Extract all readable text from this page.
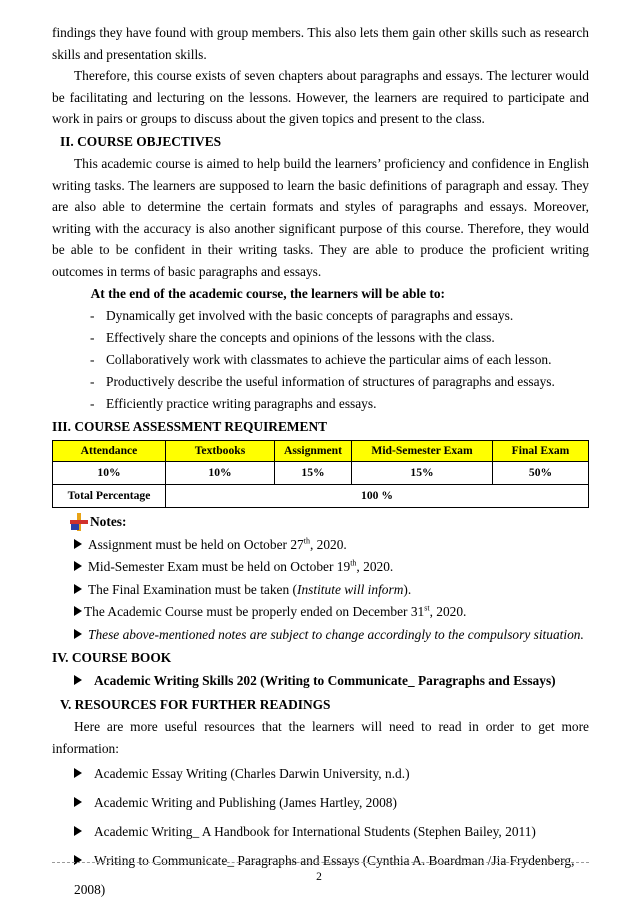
findings they have found with group members. This also lets them gain other skills such as research skills and presentation skills.

Therefore, this course exists of seven chapters about paragraphs and essays. The lecturer would be facilitating and lecturing on the lessons. However, the learners are required to participate and work in pairs or groups to discuss about the given topics and present to the class.

II. COURSE OBJECTIVES

This academic course is aimed to help build the learners’ proficiency and confidence in English writing tasks. The learners are supposed to learn the basic definitions of paragraph and essay. They are also able to determine the certain formats and styles of paragraphs and essays. Moreover, writing with the accuracy is also another significant purpose of this course. Therefore, they would be able to be confident in their writing tasks. They are able to produce the proficient writing outcomes in terms of basic paragraphs and essays.

At the end of the academic course, the learners will be able to:
- Dynamically get involved with the basic concepts of paragraphs and essays.
- Effectively share the concepts and opinions of the lessons with the class.
- Collaboratively work with classmates to achieve the particular aims of each lesson.
- Productively describe the useful information of structures of paragraphs and essays.
- Efficiently practice writing paragraphs and essays.
III. COURSE ASSESSMENT REQUIREMENT
Attendance	Textbooks	Assignment	Mid-Semester Exam	Final Exam
10%	10%	15%	15%	50%
Total Percentage	100 %			
Notes:
Assignment must be held on October 27th, 2020.
Mid-Semester Exam must be held on October 19th, 2020.
The Final Examination must be taken (Institute will inform).
The Academic Course must be properly ended on December 31st, 2020.
These above-mentioned notes are subject to change accordingly to the compulsory situation.
IV. COURSE BOOK
Academic Writing Skills 202 (Writing to Communicate_ Paragraphs and Essays)
V. RESOURCES FOR FURTHER READINGS

Here are more useful resources that the learners will need to read in order to get more information:

Academic Essay Writing (Charles Darwin University, n.d.)
Academic Writing and Publishing (James Hartley, 2008)
Academic Writing_ A Handbook for International Students (Stephen Bailey, 2011)
Writing to Communicate_ Paragraphs and Essays (Cynthia A. Boardman /Jia Frydenberg, 2008)
2
